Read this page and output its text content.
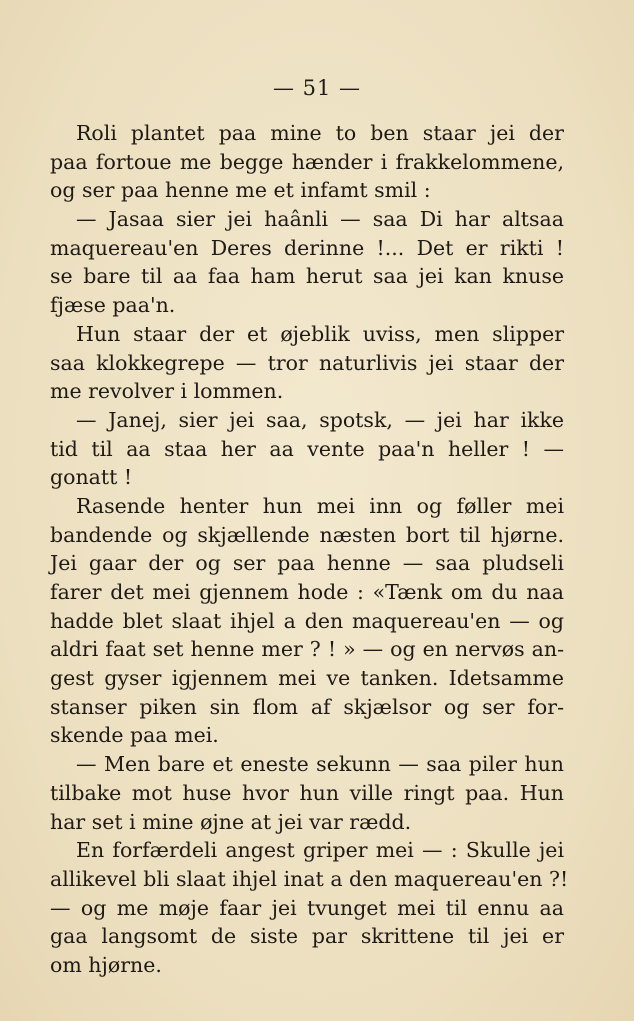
— 51 —
Roli plantet paa mine to ben staar jei der
paa fortoue me begge hænder i frakkelommene,
og ser paa henne me et infamt smil :
— Jasaa sier jei haânli — saa Di har altsaa
maquereau'en Deres derinne !... Det er rikti !
se bare til aa faa ham herut saa jei kan knuse
fjæse paa'n.
Hun staar der et øjeblik uviss, men slipper
saa klokkegrepe — tror naturlivis jei staar der
me revolver i lommen.
— Janej, sier jei saa, spotsk, — jei har ikke
tid til aa staa her aa vente paa'n heller ! —
gonatt !
Rasende henter hun mei inn og føller mei
bandende og skjællende næsten bort til hjørne.
Jei gaar der og ser paa henne — saa pludseli
farer det mei gjennem hode : «Tænk om du naa
hadde blet slaat ihjel a den maquereau'en — og
aldri faat set henne mer ? ! » — og en nervøs an-
gest gyser igjennem mei ve tanken. Idetsamme
stanser piken sin flom af skjælsor og ser for-
skende paa mei.
— Men bare et eneste sekunn — saa piler hun
tilbake mot huse hvor hun ville ringt paa. Hun
har set i mine øjne at jei var rædd.
En forfærdeli angest griper mei — : Skulle jei
allikevel bli slaat ihjel inat a den maquereau'en ?!
— og me møje faar jei tvunget mei til ennu aa
gaa langsomt de siste par skrittene til jei er
om hjørne.
